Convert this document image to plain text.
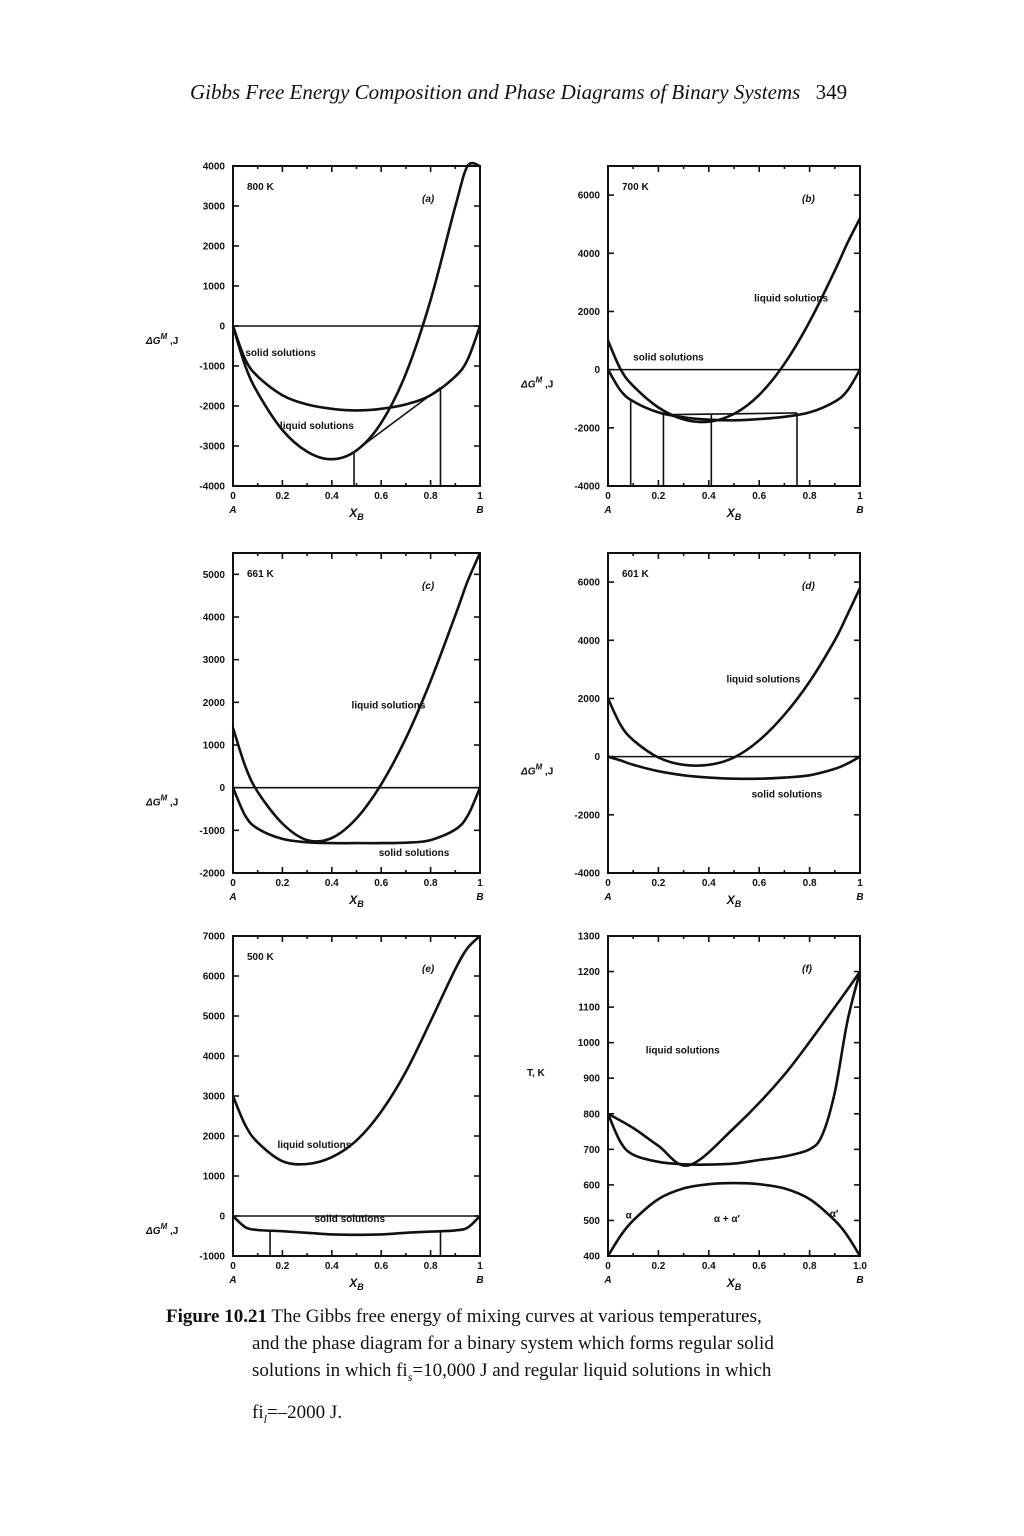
Gibbs Free Energy Composition and Phase Diagrams of Binary Systems 349
-4000
-3000
-2000
-1000
0
1000
2000
3000
4000
0	0.2	0.4	0.6	0.8	1
A	B
$X_B$
$\Delta G^M$ ,J
800 K
(a)
solid solutions
liquid solutions
-4000
-2000
0
2000
4000
6000
0	0.2	0.4	0.6	0.8	1
A	B
$X_B$
$\Delta G^M$ ,J
700 K
(b)
liquid solutions
solid solutions
-2000
-1000
0
1000
2000
3000
4000
5000
0	0.2	0.4	0.6	0.8	1
A	B
$X_B$
$\Delta G^M$ ,J
661 K
(c)
liquid solutions
solid solutions
-4000
-2000
0
2000
4000
6000
0	0.2	0.4	0.6	0.8	1
A	B
$X_B$
$\Delta G^M$ ,J
601 K
(d)
liquid solutions
solid solutions
-1000
0
1000
2000
3000
4000
5000
6000
7000
0	0.2	0.4	0.6	0.8	1
A	B
$X_B$
$\Delta G^M$ ,J
500 K
(e)
liquid solutions
solid solutions
400
500
600
700
800
900
1000
1100
1200
1300
0	0.2	0.4	0.6	0.8	1.0
A	B
$X_B$
T, K
(f)
liquid solutions
α	α + α′	α′
Figure 10.21 The Gibbs free energy of mixing curves at various temperatures,
and the phase diagram for a binary system which forms regular solid
solutions in which $fi_s=10,000$ J and regular liquid solutions in which
$fi_l=-2000$ J.
